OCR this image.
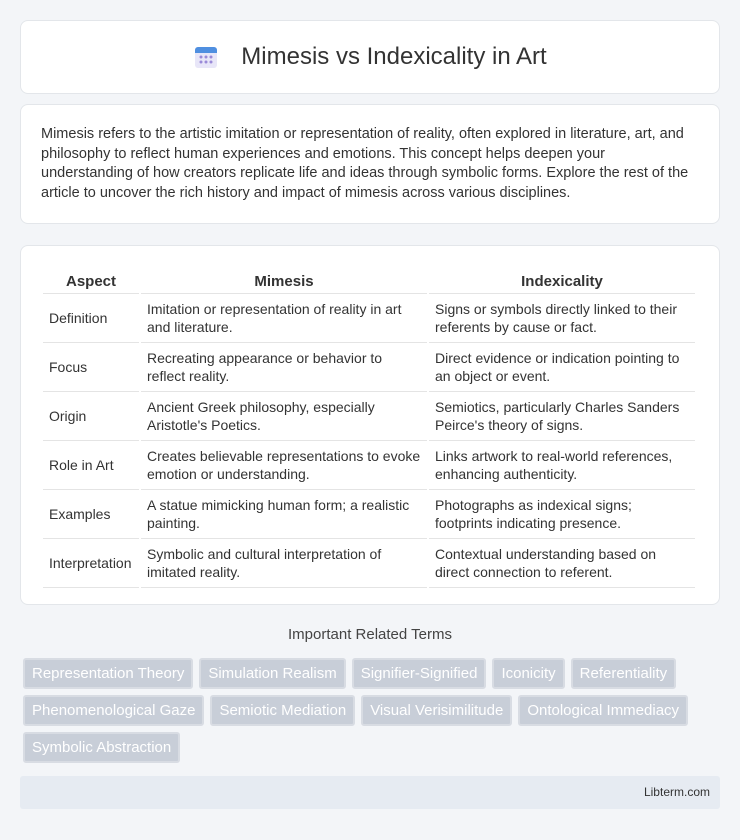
Mimesis vs Indexicality in Art

Mimesis refers to the artistic imitation or representation of reality, often explored in literature, art, and philosophy to reflect human experiences and emotions. This concept helps deepen your understanding of how creators replicate life and ideas through symbolic forms. Explore the rest of the article to uncover the rich history and impact of mimesis across various disciplines.

Aspect	Mimesis	Indexicality
Definition	Imitation or representation of reality in art and literature.	Signs or symbols directly linked to their referents by cause or fact.
Focus	Recreating appearance or behavior to reflect reality.	Direct evidence or indication pointing to an object or event.
Origin	Ancient Greek philosophy, especially Aristotle's Poetics.	Semiotics, particularly Charles Sanders Peirce's theory of signs.
Role in Art	Creates believable representations to evoke emotion or understanding.	Links artwork to real-world references, enhancing authenticity.
Examples	A statue mimicking human form; a realistic painting.	Photographs as indexical signs; footprints indicating presence.
Interpretation	Symbolic and cultural interpretation of imitated reality.	Contextual understanding based on direct connection to referent.
Important Related Terms
Representation Theory	Simulation Realism	Signifier-Signified	Iconicity	Referentiality
Phenomenological Gaze	Semiotic Mediation	Visual Verisimilitude	Ontological Immediacy
Symbolic Abstraction
Libterm.com
